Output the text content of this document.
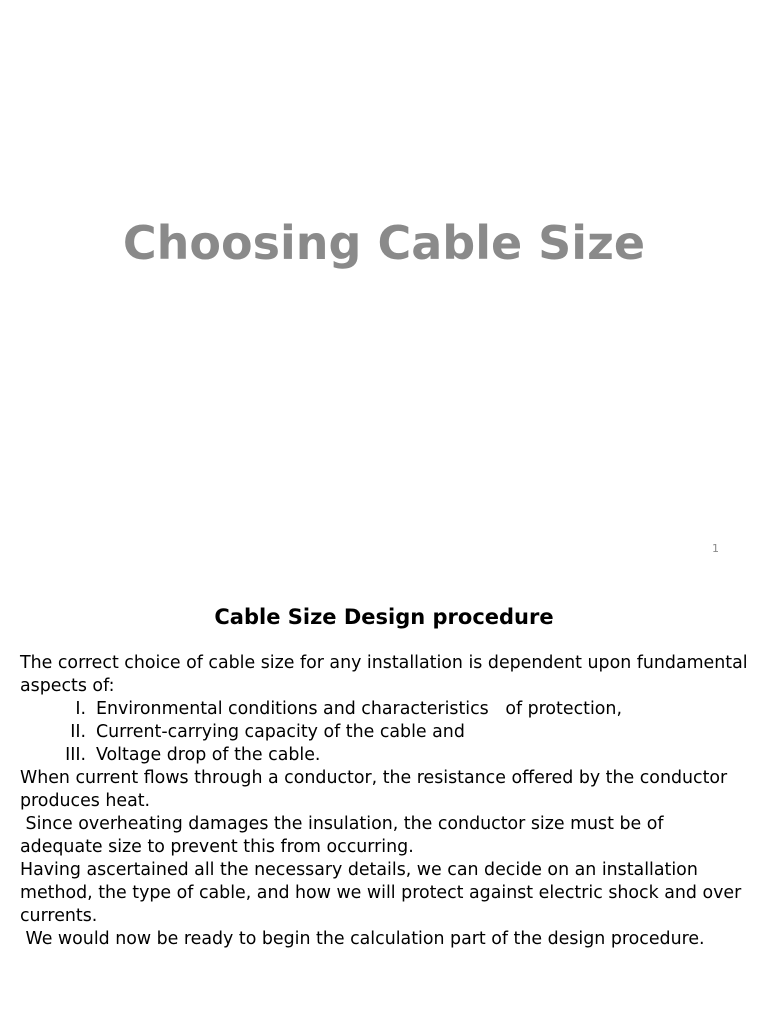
Choosing Cable Size
1
Cable Size Design procedure

The correct choice of cable size for any installation is dependent upon fundamental aspects of:

I. Environmental conditions and characteristics   of protection,
II. Current-carrying capacity of the cable and
III. Voltage drop of the cable.

When current flows through a conductor, the resistance offered by the conductor produces heat.

Since overheating damages the insulation, the conductor size must be of adequate size to prevent this from occurring.

Having ascertained all the necessary details, we can decide on an installation method, the type of cable, and how we will protect against electric shock and over currents.

We would now be ready to begin the calculation part of the design procedure.
